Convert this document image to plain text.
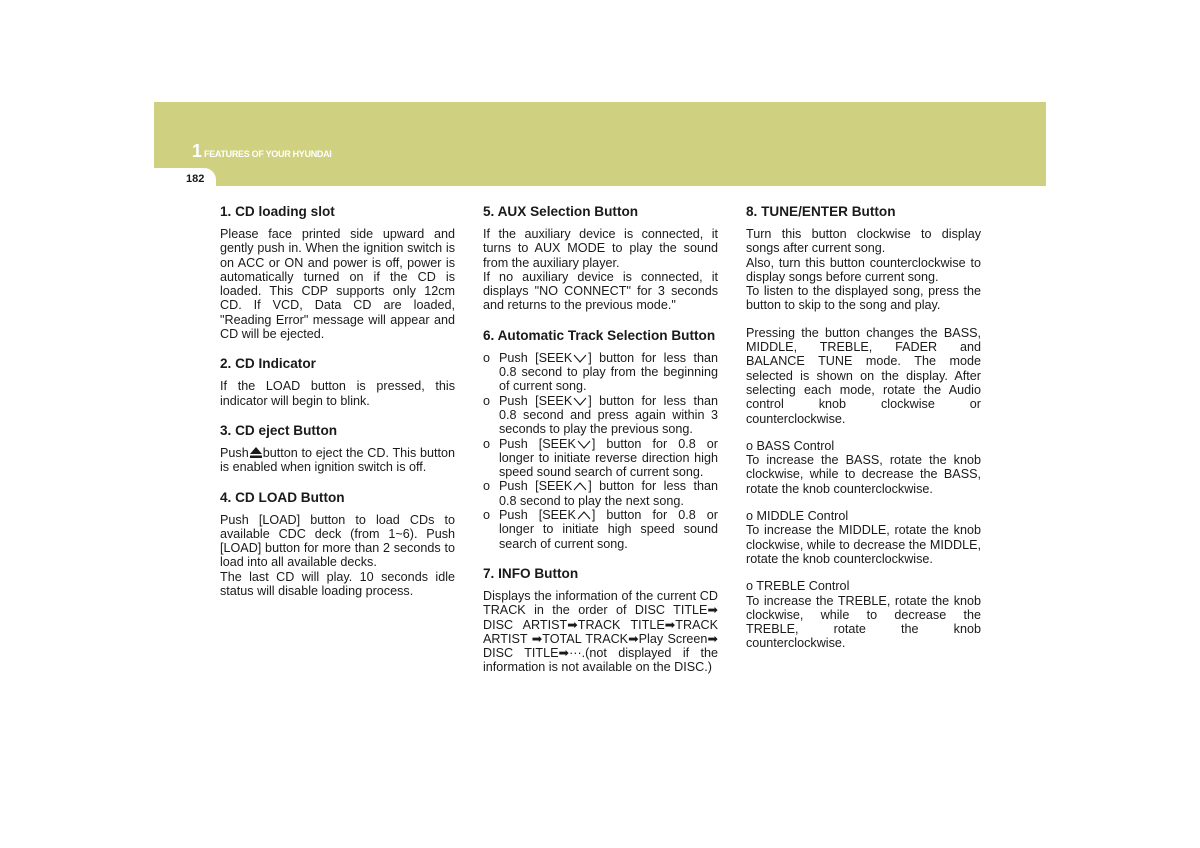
1 FEATURES OF YOUR HYUNDAI
182
1. CD loading slot

Please face printed side upward and gently push in. When the ignition switch is on ACC or ON and power is off, power is automatically turned on if the CD is loaded. This CDP supports only 12cm CD. If VCD, Data CD are loaded, "Reading Error" message will appear and CD will be ejected.

2. CD Indicator

If the LOAD button is pressed, this indicator will begin to blink.

3. CD eject Button

Push button to eject the CD. This button is enabled when ignition switch is off.

4. CD LOAD Button

Push [LOAD] button to load CDs to available CDC deck (from 1~6). Push [LOAD] button for more than 2 seconds to load into all available decks.

The last CD will play. 10 seconds idle status will disable loading process.

5. AUX Selection Button

If the auxiliary device is connected, it turns to AUX MODE to play the sound from the auxiliary player.

If no auxiliary device is connected, it displays "NO CONNECT" for 3 seconds and returns to the previous mode."

6. Automatic Track Selection Button
o Push [SEEK ] button for less than 0.8 second to play from the beginning of current song.
o Push [SEEK ] button for less than 0.8 second and press again within 3 seconds to play the previous song.
o Push [SEEK ] button for 0.8 or longer to initiate reverse direction high speed sound search of current song.
o Push [SEEK ] button for less than 0.8 second to play the next song.
o Push [SEEK ] button for 0.8 or longer to initiate high speed sound search of current song.
7. INFO Button

Displays the information of the current CD TRACK in the order of DISC TITLE➡ DISC ARTIST➡TRACK TITLE➡TRACK ARTIST ➡TOTAL TRACK➡Play Screen➡ DISC TITLE➡···.(not displayed if the information is not available on the DISC.)

8. TUNE/ENTER Button

Turn this button clockwise to display songs after current song.

Also, turn this button counterclockwise to display songs before current song.

To listen to the displayed song, press the button to skip to the song and play.

Pressing the button changes the BASS, MIDDLE, TREBLE, FADER and BALANCE TUNE mode. The mode selected is shown on the display. After selecting each mode, rotate the Audio control knob clockwise or counterclockwise.

o BASS Control

To increase the BASS, rotate the knob clockwise, while to decrease the BASS, rotate the knob counterclockwise.

o MIDDLE Control

To increase the MIDDLE, rotate the knob clockwise, while to decrease the MIDDLE, rotate the knob counterclockwise.

o TREBLE Control

To increase the TREBLE, rotate the knob clockwise, while to decrease the TREBLE, rotate the knob counterclockwise.
